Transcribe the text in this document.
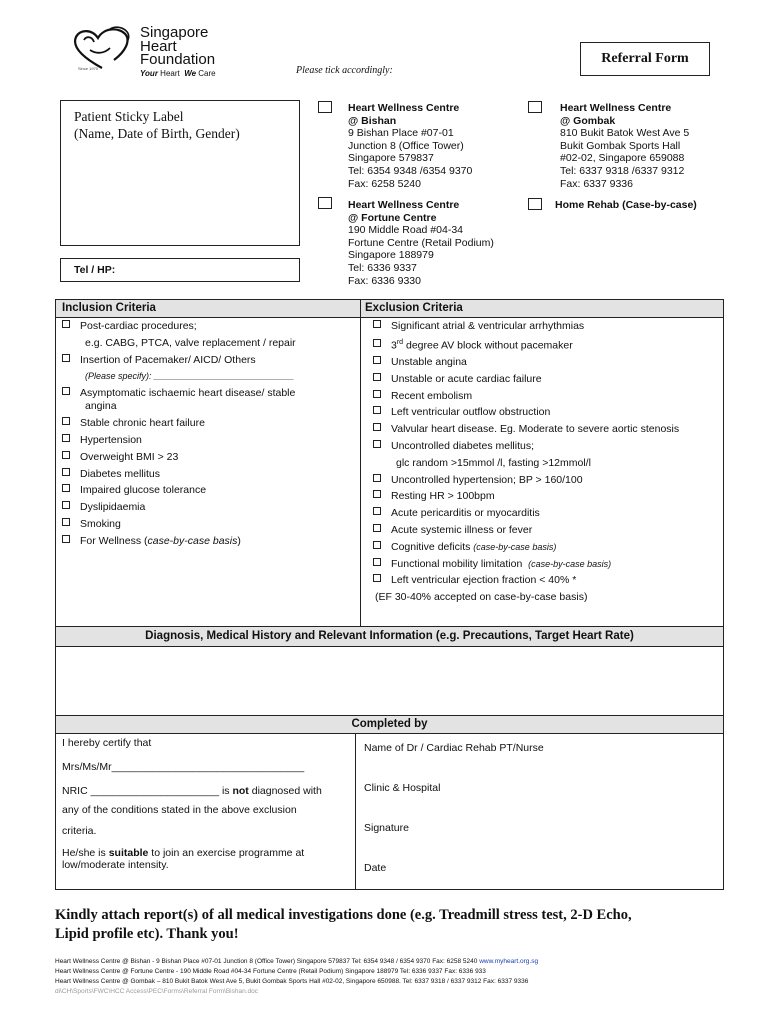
Since 1970
Singapore
Heart
Foundation
Your Heart We Care	Please tick accordingly:
Referral Form
Patient Sticky Label
(Name, Date of Birth, Gender)
Tel / HP:
Heart Wellness Centre
@ Bishan
9 Bishan Place #07-01
Junction 8 (Office Tower)
Singapore 579837
Tel: 6354 9348 /6354 9370
Fax: 6258 5240
Heart Wellness Centre
@ Gombak
810 Bukit Batok West Ave 5
Bukit Gombak Sports Hall
#02-02, Singapore 659088
Tel: 6337 9318 /6337 9312
Fax: 6337 9336
Heart Wellness Centre
@ Fortune Centre
190 Middle Road #04-34
Fortune Centre (Retail Podium)
Singapore 188979
Tel: 6336 9337
Fax: 6336 9330
Home Rehab (Case-by-case)
Inclusion Criteria	Exclusion Criteria
Post-cardiac procedures;
e.g. CABG, PTCA, valve replacement / repair
Insertion of Pacemaker/ AICD/ Others
(Please specify): ____________________________
Asymptomatic ischaemic heart disease/ stable
angina
Stable chronic heart failure
Hypertension
Overweight BMI > 23
Diabetes mellitus
Impaired glucose tolerance
Dyslipidaemia
Smoking
For Wellness (case-by-case basis)
Significant atrial & ventricular arrhythmias
3rd degree AV block without pacemaker
Unstable angina
Unstable or acute cardiac failure
Recent embolism
Left ventricular outflow obstruction
Valvular heart disease. Eg. Moderate to severe aortic stenosis
Uncontrolled diabetes mellitus;
glc random >15mmol /l, fasting >12mmol/l
Uncontrolled hypertension; BP > 160/100
Resting HR > 100bpm
Acute pericarditis or myocarditis
Acute systemic illness or fever
Cognitive deficits (case-by-case basis)
Functional mobility limitation (case-by-case basis)
Left ventricular ejection fraction < 40% *
(EF 30-40% accepted on case-by-case basis)
Diagnosis, Medical History and Relevant Information (e.g. Precautions, Target Heart Rate)
Completed by
I hereby certify that
Mrs/Ms/Mr_________________________________
NRIC ______________________ is not diagnosed with
any of the conditions stated in the above exclusion
criteria.
He/she is suitable to join an exercise programme at
low/moderate intensity.
Name of Dr / Cardiac Rehab PT/Nurse
Clinic & Hospital
Signature
Date
Kindly attach report(s) of all medical investigations done (e.g. Treadmill stress test, 2-D Echo,
Lipid profile etc). Thank you!
Heart Wellness Centre @ Bishan - 9 Bishan Place #07-01 Junction 8 (Office Tower) Singapore 579837 Tel: 6354 9348 / 6354 9370 Fax: 6258 5240 www.myheart.org.sg
Heart Wellness Centre @ Fortune Centre - 190 Middle Road #04-34 Fortune Centre (Retail Podium) Singapore 188979 Tel: 6336 9337 Fax: 6336 933
Heart Wellness Centre @ Gombak – 810 Bukit Batok West Ave 5, Bukit Gombak Sports Hall #02-02, Singapore 650988. Tel: 6337 9318 / 6337 9312 Fax: 6337 9336
di\CH\Sports\FWC\HCC Access\PEC\Forms\Referral Form\Bishan.doc
